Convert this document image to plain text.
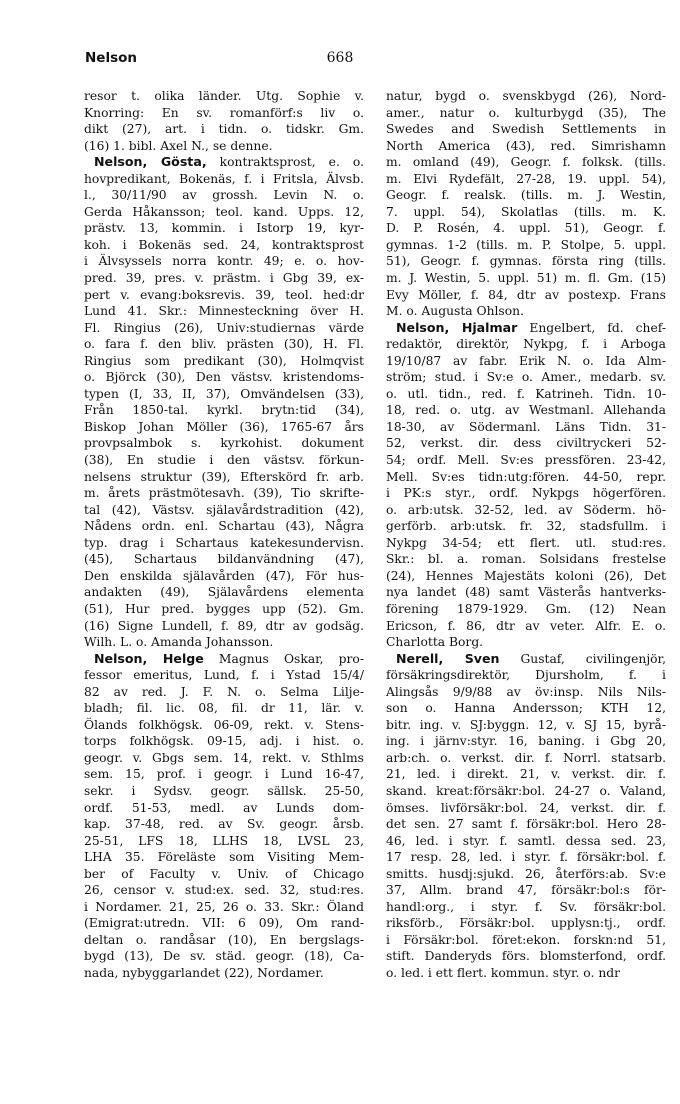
Nelson	668
resor t. olika länder. Utg. Sophie v.
Knorring: En sv. romanförf:s liv o.
dikt (27), art. i tidn. o. tidskr. Gm.
(16) 1. bibl. Axel N., se denne.
Nelson, Gösta, kontraktsprost, e. o.
hovpredikant, Bokenäs, f. i Fritsla, Älvsb.
l., 30/11/90 av grossh. Levin N. o.
Gerda Håkansson; teol. kand. Upps. 12,
prästv. 13, kommin. i Istorp 19, kyr-
koh. i Bokenäs sed. 24, kontraktsprost
i Älvsyssels norra kontr. 49; e. o. hov-
pred. 39, pres. v. prästm. i Gbg 39, ex-
pert v. evang:boksrevis. 39, teol. hed:dr
Lund 41. Skr.: Minnesteckning över H.
Fl. Ringius (26), Univ:studiernas värde
o. fara f. den bliv. prästen (30), H. Fl.
Ringius som predikant (30), Holmqvist
o. Björck (30), Den västsv. kristendoms-
typen (I, 33, II, 37), Omvändelsen (33),
Från 1850-tal. kyrkl. brytn:tid (34),
Biskop Johan Möller (36), 1765-67 års
provpsalmbok s. kyrkohist. dokument
(38), En studie i den västsv. förkun-
nelsens struktur (39), Efterskörd fr. arb.
m. årets prästmötesavh. (39), Tio skrifte-
tal (42), Västsv. själavårdstradition (42),
Nådens ordn. enl. Schartau (43), Några
typ. drag i Schartaus katekesundervisn.
(45), Schartaus bildanvändning (47),
Den enskilda själavården (47), För hus-
andakten (49), Själavårdens elementa
(51), Hur pred. bygges upp (52). Gm.
(16) Signe Lundell, f. 89, dtr av godsäg.
Wilh. L. o. Amanda Johansson.
Nelson, Helge Magnus Oskar, pro-
fessor emeritus, Lund, f. i Ystad 15/4/
82 av red. J. F. N. o. Selma Lilje-
bladh; fil. lic. 08, fil. dr 11, lär. v.
Ölands folkhögsk. 06-09, rekt. v. Stens-
torps folkhögsk. 09-15, adj. i hist. o.
geogr. v. Gbgs sem. 14, rekt. v. Sthlms
sem. 15, prof. i geogr. i Lund 16-47,
sekr. i Sydsv. geogr. sällsk. 25-50,
ordf. 51-53, medl. av Lunds dom-
kap. 37-48, red. av Sv. geogr. årsb.
25-51, LFS 18, LLHS 18, LVSL 23,
LHA 35. Föreläste som Visiting Mem-
ber of Faculty v. Univ. of Chicago
26, censor v. stud:ex. sed. 32, stud:res.
i Nordamer. 21, 25, 26 o. 33. Skr.: Öland
(Emigrat:utredn. VII: 6 09), Om rand-
deltan o. randåsar (10), En bergslags-
bygd (13), De sv. städ. geogr. (18), Ca-
nada, nybyggarlandet (22), Nordamer.
natur, bygd o. svenskbygd (26), Nord-
amer., natur o. kulturbygd (35), The
Swedes and Swedish Settlements in
North America (43), red. Simrishamn
m. omland (49), Geogr. f. folksk. (tills.
m. Elvi Rydefält, 27-28, 19. uppl. 54),
Geogr. f. realsk. (tills. m. J. Westin,
7. uppl. 54), Skolatlas (tills. m. K.
D. P. Rosén, 4. uppl. 51), Geogr. f.
gymnas. 1-2 (tills. m. P. Stolpe, 5. uppl.
51), Geogr. f. gymnas. första ring (tills.
m. J. Westin, 5. uppl. 51) m. fl. Gm. (15)
Evy Möller, f. 84, dtr av postexp. Frans
M. o. Augusta Ohlson.
Nelson, Hjalmar Engelbert, fd. chef-
redaktör, direktör, Nykpg, f. i Arboga
19/10/87 av fabr. Erik N. o. Ida Alm-
ström; stud. i Sv:e o. Amer., medarb. sv.
o. utl. tidn., red. f. Katrineh. Tidn. 10-
18, red. o. utg. av Westmanl. Allehanda
18-30, av Södermanl. Läns Tidn. 31-
52, verkst. dir. dess civiltryckeri 52-
54; ordf. Mell. Sv:es pressfören. 23-42,
Mell. Sv:es tidn:utg:fören. 44-50, repr.
i PK:s styr., ordf. Nykpgs högerfören.
o. arb:utsk. 32-52, led. av Söderm. hö-
gerförb. arb:utsk. fr. 32, stadsfullm. i
Nykpg 34-54; ett flert. utl. stud:res.
Skr.: bl. a. roman. Solsidans frestelse
(24), Hennes Majestäts koloni (26), Det
nya landet (48) samt Västerås hantverks-
förening 1879-1929. Gm. (12) Nean
Ericson, f. 86, dtr av veter. Alfr. E. o.
Charlotta Borg.
Nerell, Sven Gustaf, civilingenjör,
försäkringsdirektör, Djursholm, f. i
Alingsås 9/9/88 av öv:insp. Nils Nils-
son o. Hanna Andersson; KTH 12,
bitr. ing. v. SJ:byggn. 12, v. SJ 15, byrå-
ing. i järnv:styr. 16, baning. i Gbg 20,
arb:ch. o. verkst. dir. f. Norrl. statsarb.
21, led. i direkt. 21, v. verkst. dir. f.
skand. kreat:försäkr:bol. 24-27 o. Valand,
ömses. livförsäkr:bol. 24, verkst. dir. f.
det sen. 27 samt f. försäkr:bol. Hero 28-
46, led. i styr. f. samtl. dessa sed. 23,
17 resp. 28, led. i styr. f. försäkr:bol. f.
smitts. husdj:sjukd. 26, återförs:ab. Sv:e
37, Allm. brand 47, försäkr:bol:s för-
handl:org., i styr. f. Sv. försäkr:bol.
riksförb., Försäkr:bol. upplysn:tj., ordf.
i Försäkr:bol. föret:ekon. forskn:nd 51,
stift. Danderyds förs. blomsterfond, ordf.
o. led. i ett flert. kommun. styr. o. ndr
